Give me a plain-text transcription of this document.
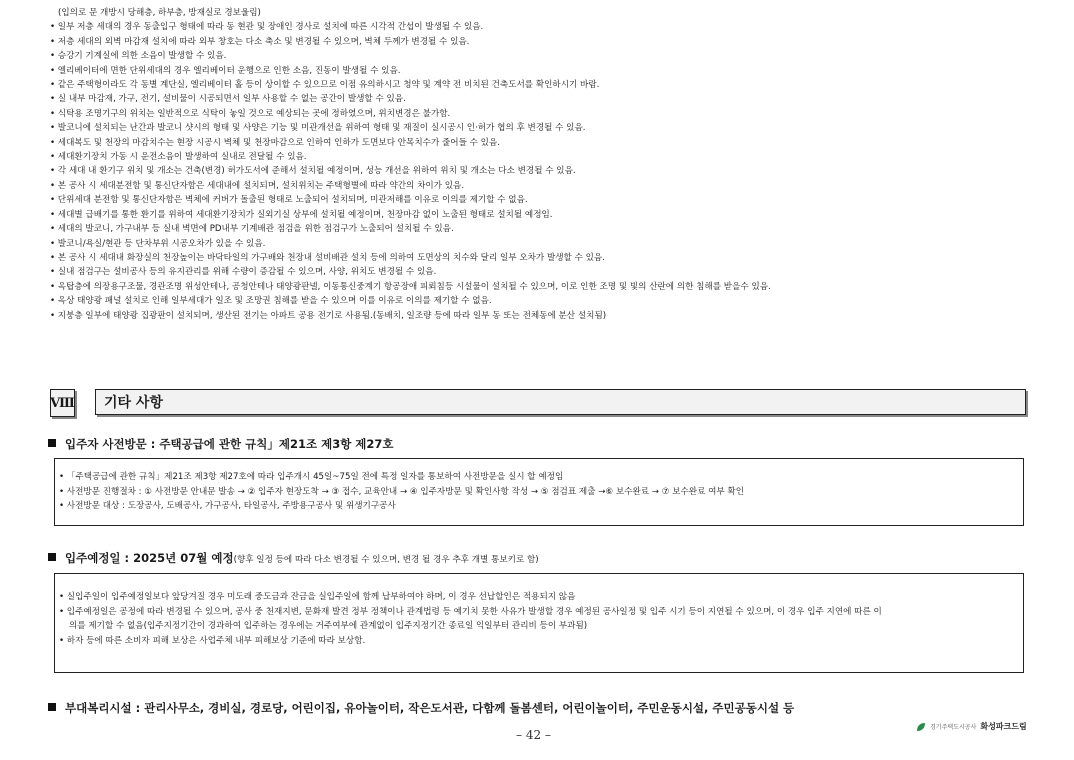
(입의로 문 개방시 당해층, 하부층, 방재실로 경보울림)
• 일부 저층 세대의 경우 동출입구 형태에 따라 동 현관 및 장애인 경사로 설치에 따른 시각적 간섭이 발생될 수 있음.
• 저층 세대의 외벽 마감재 설치에 따라 외부 창호는 다소 축소 및 변경될 수 있으며, 벽체 두께가 변경될 수 있음.
• 승강기 기계실에 의한 소음이 발생할 수 있음.
• 엘리베이터에 면한 단위세대의 경우 엘리베이터 운행으로 인한 소음, 진동이 발생될 수 있음.
• 같은 주택형이라도 각 동별 계단실, 엘리베이터 홀 등이 상이할 수 있으므로 이점 유의하시고 청약 및 계약 전 비치된 건축도서를 확인하시기 바람.
• 실 내부 마감재, 가구, 전기, 설비물이 시공되면서 일부 사용할 수 없는 공간이 발생할 수 있음.
• 식탁용 조명기구의 위치는 일반적으로 식탁이 놓일 것으로 예상되는 곳에 정하였으며, 위치변경은 불가함.
• 발코니에 설치되는 난간과 발코니 샷시의 형태 및 사양은 기능 및 미관개선을 위하여 형태 및 재질이 실시공시 인·허가 협의 후 변경될 수 있음.
• 세대복도 및 천장의 마감치수는 현장 시공시 벽체 및 천장마감으로 인하여 인하가 도면보다 안목치수가 줄어들 수 있음.
• 세대환기장치 가동 시 운전소음이 발생하여 실내로 전달될 수 있음.
• 각 세대 내 환기구 위치 및 개소는 건축(변경) 허가도서에 준해서 설치될 예정이며, 성능 개선을 위하여 위치 및 개소는 다소 변경될 수 있음.
• 본 공사 시 세대분전함 및 통신단자함은 세대내에 설치되며, 설치위치는 주택형별에 따라 약간의 차이가 있음.
• 단위세대 분전함 및 통신단자함은 벽체에 커버가 돌출된 형태로 노출되어 설치되며, 미관저해를 이유로 이의를 제기할 수 없음.
• 세대별 급배기를 통한 환기를 위하여 세대환기장치가 실외기실 상부에 설치될 예정이며, 천장마감 없이 노출된 형태로 설치될 예정임.
• 세대의 발코니, 가구내부 등 실내 벽면에 PD내부 기계배관 점검을 위한 점검구가 노출되어 설치될 수 있음.
• 발코니/욕실/현관 등 단차부위 시공오차가 있을 수 있음.
• 본 공사 시 세대내 화장실의 천장높이는 바닥타일의 가구배와 천장내 설비배관 설치 등에 의하여 도면상의 치수와 달리 일부 오차가 발생할 수 있음.
• 실내 점검구는 설비공사 등의 유지관리를 위해 수량이 증감될 수 있으며, 사양, 위치도 변경될 수 있음.
• 옥탑층에 의장용구조물, 경관조명 위성안테나, 공청안테나 태양광판넬, 이동통신중계기 항공장애 피뢰침등 시설물이 설치될 수 있으며, 이로 인한 조명 및 빛의 산란에 의한 침해를 받을수 있음.
• 옥상 태양광 패널 설치로 인해 일부세대가 일조 및 조망권 침해를 받을 수 있으며 이를 이유로 이의를 제기할 수 없음.
• 지붕층 일부에 태양광 집광판이 설치되며, 생산된 전기는 아파트 공용 전기로 사용됨.(동배치, 일조량 등에 따라 일부 동 또는 전체동에 분산 설치됨)
Ⅷ	기타 사항
입주자 사전방문 : 주택공급에 관한 규칙」제21조 제3항 제27호
• 「주택공급에 관한 규칙」제21조 제3항 제27호에 따라 입주개시 45일~75일 전에 특정 일자를 통보하여 사전방문을 실시 할 예정임
• 사전방문 진행절차 : ① 사전방문 안내문 발송 → ② 입주자 현장도착 → ③ 접수, 교육안내 → ④ 입주자방문 및 확인사항 작성 → ⑤ 점검표 제출 →⑥ 보수완료 → ⑦ 보수완료 여부 확인
• 사전방문 대상 : 도장공사, 도배공사, 가구공사, 타일공사, 주방용구공사 및 위생기구공사
입주예정일 : 2025년 07월 예정(향후 일정 등에 따라 다소 변경될 수 있으며, 변경 될 경우 추후 개별 통보키로 함)
• 실입주일이 입주예정일보다 앞당겨질 경우 미도래 중도금과 잔금을 실입주일에 함께 납부하여야 하며, 이 경우 선납할인은 적용되지 않음
• 입주예정일은 공정에 따라 변경될 수 있으며, 공사 중 천재지변, 문화재 발견 정부 정책이나 관계법령 등 예기치 못한 사유가 발생할 경우 예정된 공사일정 및 입주 시기 등이 지연될 수 있으며, 이 경우 입주 지연에 따른 이
의를 제기할 수 없음(입주지정기간이 경과하여 입주하는 경우에는 거주여부에 관계없이 입주지정기간 종료일 익일부터 관리비 등이 부과됨)
• 하자 등에 따른 소비자 피해 보상은 사업주체 내부 피해보상 기준에 따라 보상함.
부대복리시설 : 관리사무소, 경비실, 경로당, 어린이집, 유아놀이터, 작은도서관, 다함께 돌봄센터, 어린이놀이터, 주민운동시설, 주민공동시설 등
– 42 –
경기주택도시공사 화성파크드림
